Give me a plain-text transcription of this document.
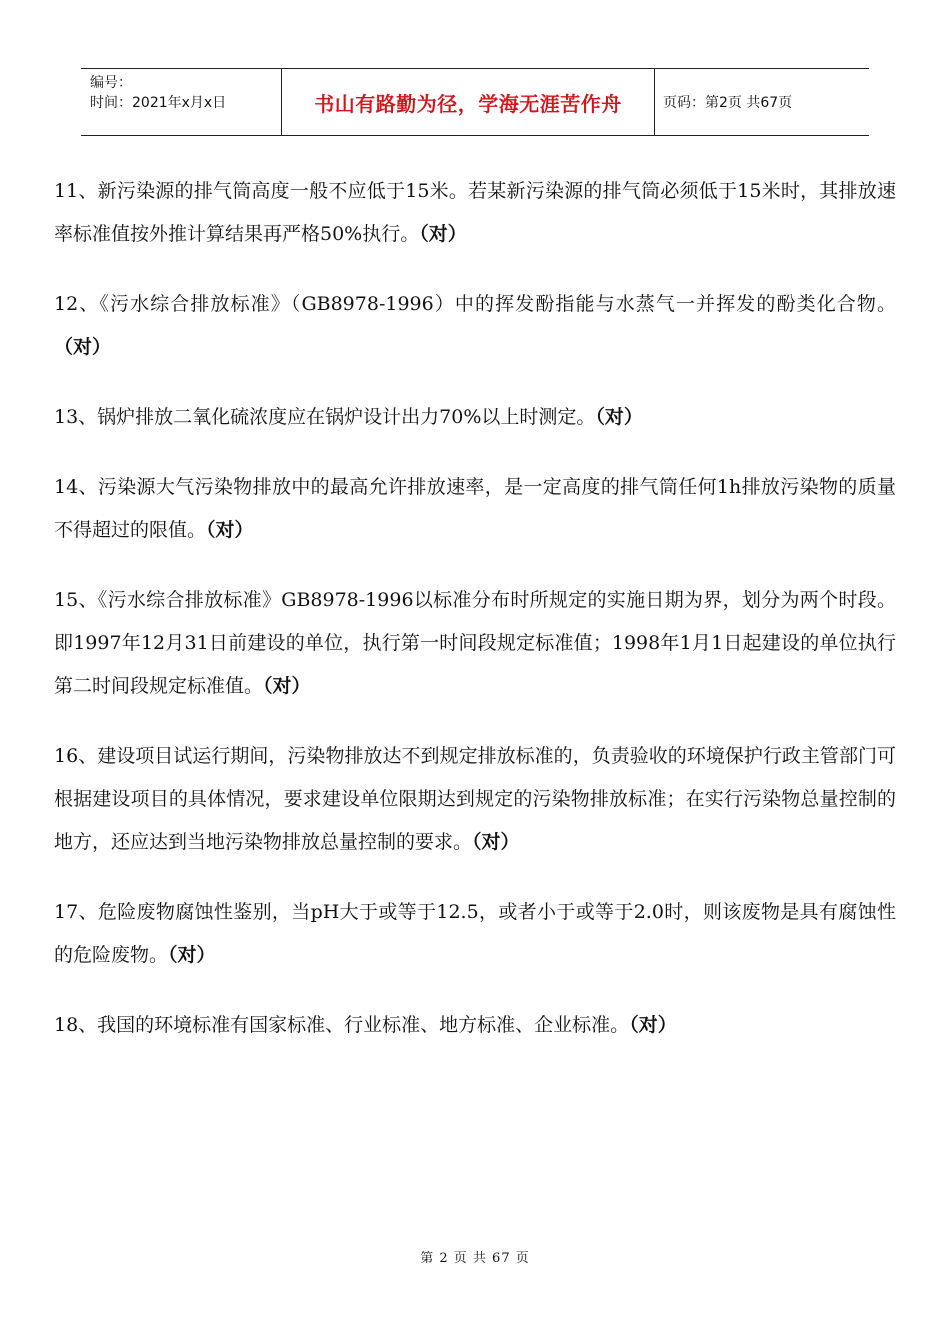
编号：
时间：2021年x月x日	书山有路勤为径，学海无涯苦作舟	页码：第2页 共67页

11、新污染源的排气筒高度一般不应低于15米。若某新污染源的排气筒必须低于15米时，其排放速率标准值按外推计算结果再严格50%执行。（对）

12、《污水综合排放标准》（GB8978-1996）中的挥发酚指能与水蒸气一并挥发的酚类化合物。（对）

13、锅炉排放二氧化硫浓度应在锅炉设计出力70%以上时测定。（对）

14、污染源大气污染物排放中的最高允许排放速率，是一定高度的排气筒任何1h排放污染物的质量不得超过的限值。（对）

15、《污水综合排放标准》GB8978-1996以标准分布时所规定的实施日期为界，划分为两个时段。即1997年12月31日前建设的单位，执行第一时间段规定标准值；1998年1月1日起建设的单位执行第二时间段规定标准值。（对）

16、建设项目试运行期间，污染物排放达不到规定排放标准的，负责验收的环境保护行政主管部门可根据建设项目的具体情况，要求建设单位限期达到规定的污染物排放标准；在实行污染物总量控制的地方，还应达到当地污染物排放总量控制的要求。（对）

17、危险废物腐蚀性鉴别，当pH大于或等于12.5，或者小于或等于2.0时，则该废物是具有腐蚀性的危险废物。（对）

18、我国的环境标准有国家标准、行业标准、地方标准、企业标准。（对）

第 2 页 共 67 页
